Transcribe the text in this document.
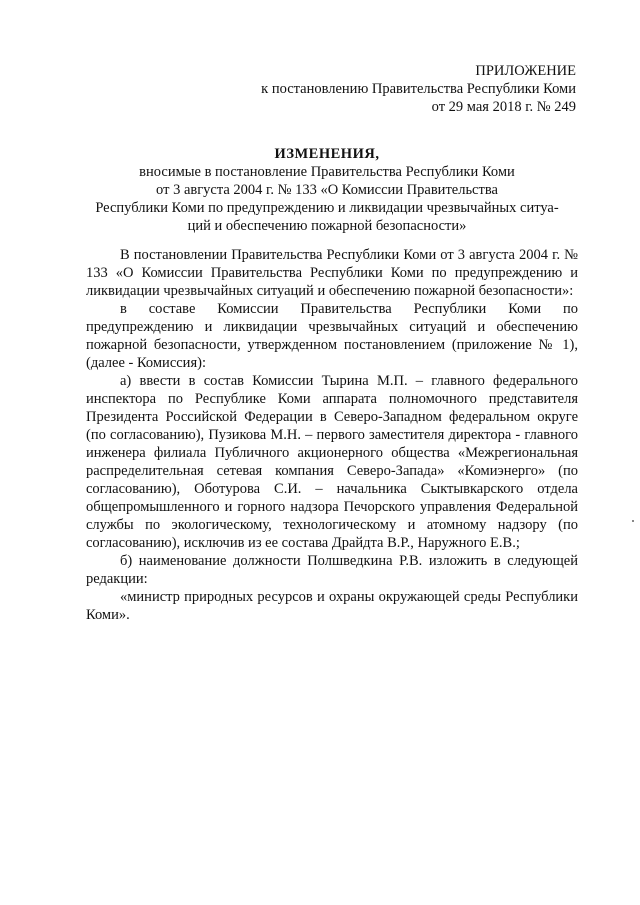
ПРИЛОЖЕНИЕ
к постановлению Правительства Республики Коми
от 29 мая 2018 г. № 249
ИЗМЕНЕНИЯ,
вносимые в постановление Правительства Республики Коми
от 3 августа 2004 г. № 133 «О Комиссии Правительства
Республики Коми по предупреждению и ликвидации чрезвычайных ситуа-
ций и обеспечению пожарной безопасности»

В постановлении Правительства Республики Коми от 3 августа 2004 г. № 133 «О Комиссии Правительства Республики Коми по предупреждению и ликвидации чрезвычайных ситуаций и обеспечению пожарной безопасности»:

в составе Комиссии Правительства Республики Коми по предупреждению и ликвидации чрезвычайных ситуаций и обеспечению пожарной безопасности, утвержденном постановлением (приложение № 1), (далее - Комиссия):

а) ввести в состав Комиссии Тырина М.П. – главного федерального инспектора по Республике Коми аппарата полномочного представителя Президента Российской Федерации в Северо-Западном федеральном округе (по согласованию), Пузикова М.Н. – первого заместителя директора - главного инженера филиала Публичного акционерного общества «Межрегиональная распределительная сетевая компания Северо-Запада» «Комиэнерго» (по согласованию), Оботурова С.И. – начальника Сыктывкарского отдела общепромышленного и горного надзора Печорского управления Федеральной службы по экологическому, технологическому и атомному надзору (по согласованию), исключив из ее состава Драйдта В.Р., Наружного Е.В.;

б) наименование должности Полшведкина Р.В. изложить в следующей редакции:

«министр природных ресурсов и охраны окружающей среды Республики Коми».
